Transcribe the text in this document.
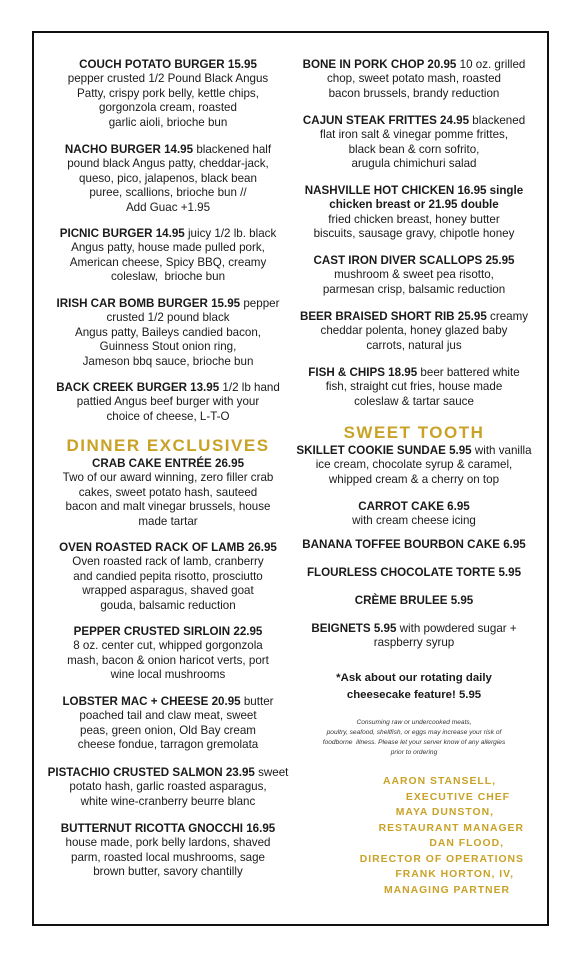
COUCH POTATO BURGER 15.95
pepper crusted 1/2 Pound Black Angus
Patty, crispy pork belly, kettle chips,
gorgonzola cream, roasted
garlic aioli, brioche bun
NACHO BURGER 14.95 blackened half
pound black Angus patty, cheddar-jack,
queso, pico, jalapenos, black bean
puree, scallions, brioche bun //
Add Guac +1.95
PICNIC BURGER 14.95 juicy 1/2 lb. black
Angus patty, house made pulled pork,
American cheese, Spicy BBQ, creamy
coleslaw,  brioche bun
IRISH CAR BOMB BURGER 15.95 pepper
crusted 1/2 pound black
Angus patty, Baileys candied bacon,
Guinness Stout onion ring,
Jameson bbq sauce, brioche bun
BACK CREEK BURGER 13.95 1/2 lb hand
pattied Angus beef burger with your
choice of cheese, L-T-O
DINNER EXCLUSIVES
CRAB CAKE ENTRÉE 26.95
Two of our award winning, zero filler crab
cakes, sweet potato hash, sauteed
bacon and malt vinegar brussels, house
made tartar
OVEN ROASTED RACK OF LAMB 26.95
Oven roasted rack of lamb, cranberry
and candied pepita risotto, prosciutto
wrapped asparagus, shaved goat
gouda, balsamic reduction
PEPPER CRUSTED SIRLOIN 22.95
8 oz. center cut, whipped gorgonzola
mash, bacon & onion haricot verts, port
wine local mushrooms
LOBSTER MAC + CHEESE 20.95 butter
poached tail and claw meat, sweet
peas, green onion, Old Bay cream
cheese fondue, tarragon gremolata
PISTACHIO CRUSTED SALMON 23.95 sweet
potato hash, garlic roasted asparagus,
white wine-cranberry beurre blanc
BUTTERNUT RICOTTA GNOCCHI 16.95
house made, pork belly lardons, shaved
parm, roasted local mushrooms, sage
brown butter, savory chantilly
BONE IN PORK CHOP 20.95 10 oz. grilled
chop, sweet potato mash, roasted
bacon brussels, brandy reduction
CAJUN STEAK FRITTES 24.95 blackened
flat iron salt & vinegar pomme frittes,
black bean & corn sofrito,
arugula chimichuri salad
NASHVILLE HOT CHICKEN 16.95 single
chicken breast or 21.95 double
fried chicken breast, honey butter
biscuits, sausage gravy, chipotle honey
CAST IRON DIVER SCALLOPS 25.95
mushroom & sweet pea risotto,
parmesan crisp, balsamic reduction
BEER BRAISED SHORT RIB 25.95 creamy
cheddar polenta, honey glazed baby
carrots, natural jus
FISH & CHIPS 18.95 beer battered white
fish, straight cut fries, house made
coleslaw & tartar sauce
SWEET TOOTH
SKILLET COOKIE SUNDAE 5.95 with vanilla
ice cream, chocolate syrup & caramel,
whipped cream & a cherry on top
CARROT CAKE 6.95
with cream cheese icing
BANANA TOFFEE BOURBON CAKE 6.95
FLOURLESS CHOCOLATE TORTE 5.95
CRÈME BRULEE 5.95
BEIGNETS 5.95 with powdered sugar +
raspberry syrup
*Ask about our rotating daily
cheesecake feature! 5.95
Consuming raw or undercooked meats,
poultry, seafood, shellfish, or eggs may increase your risk of
foodborne  illness. Please let your server know of any allergies
prior to ordering
AARON STANSELL,
EXECUTIVE CHEF
MAYA DUNSTON,
RESTAURANT MANAGER
DAN FLOOD,
DIRECTOR OF OPERATIONS
FRANK HORTON, IV,
MANAGING PARTNER
